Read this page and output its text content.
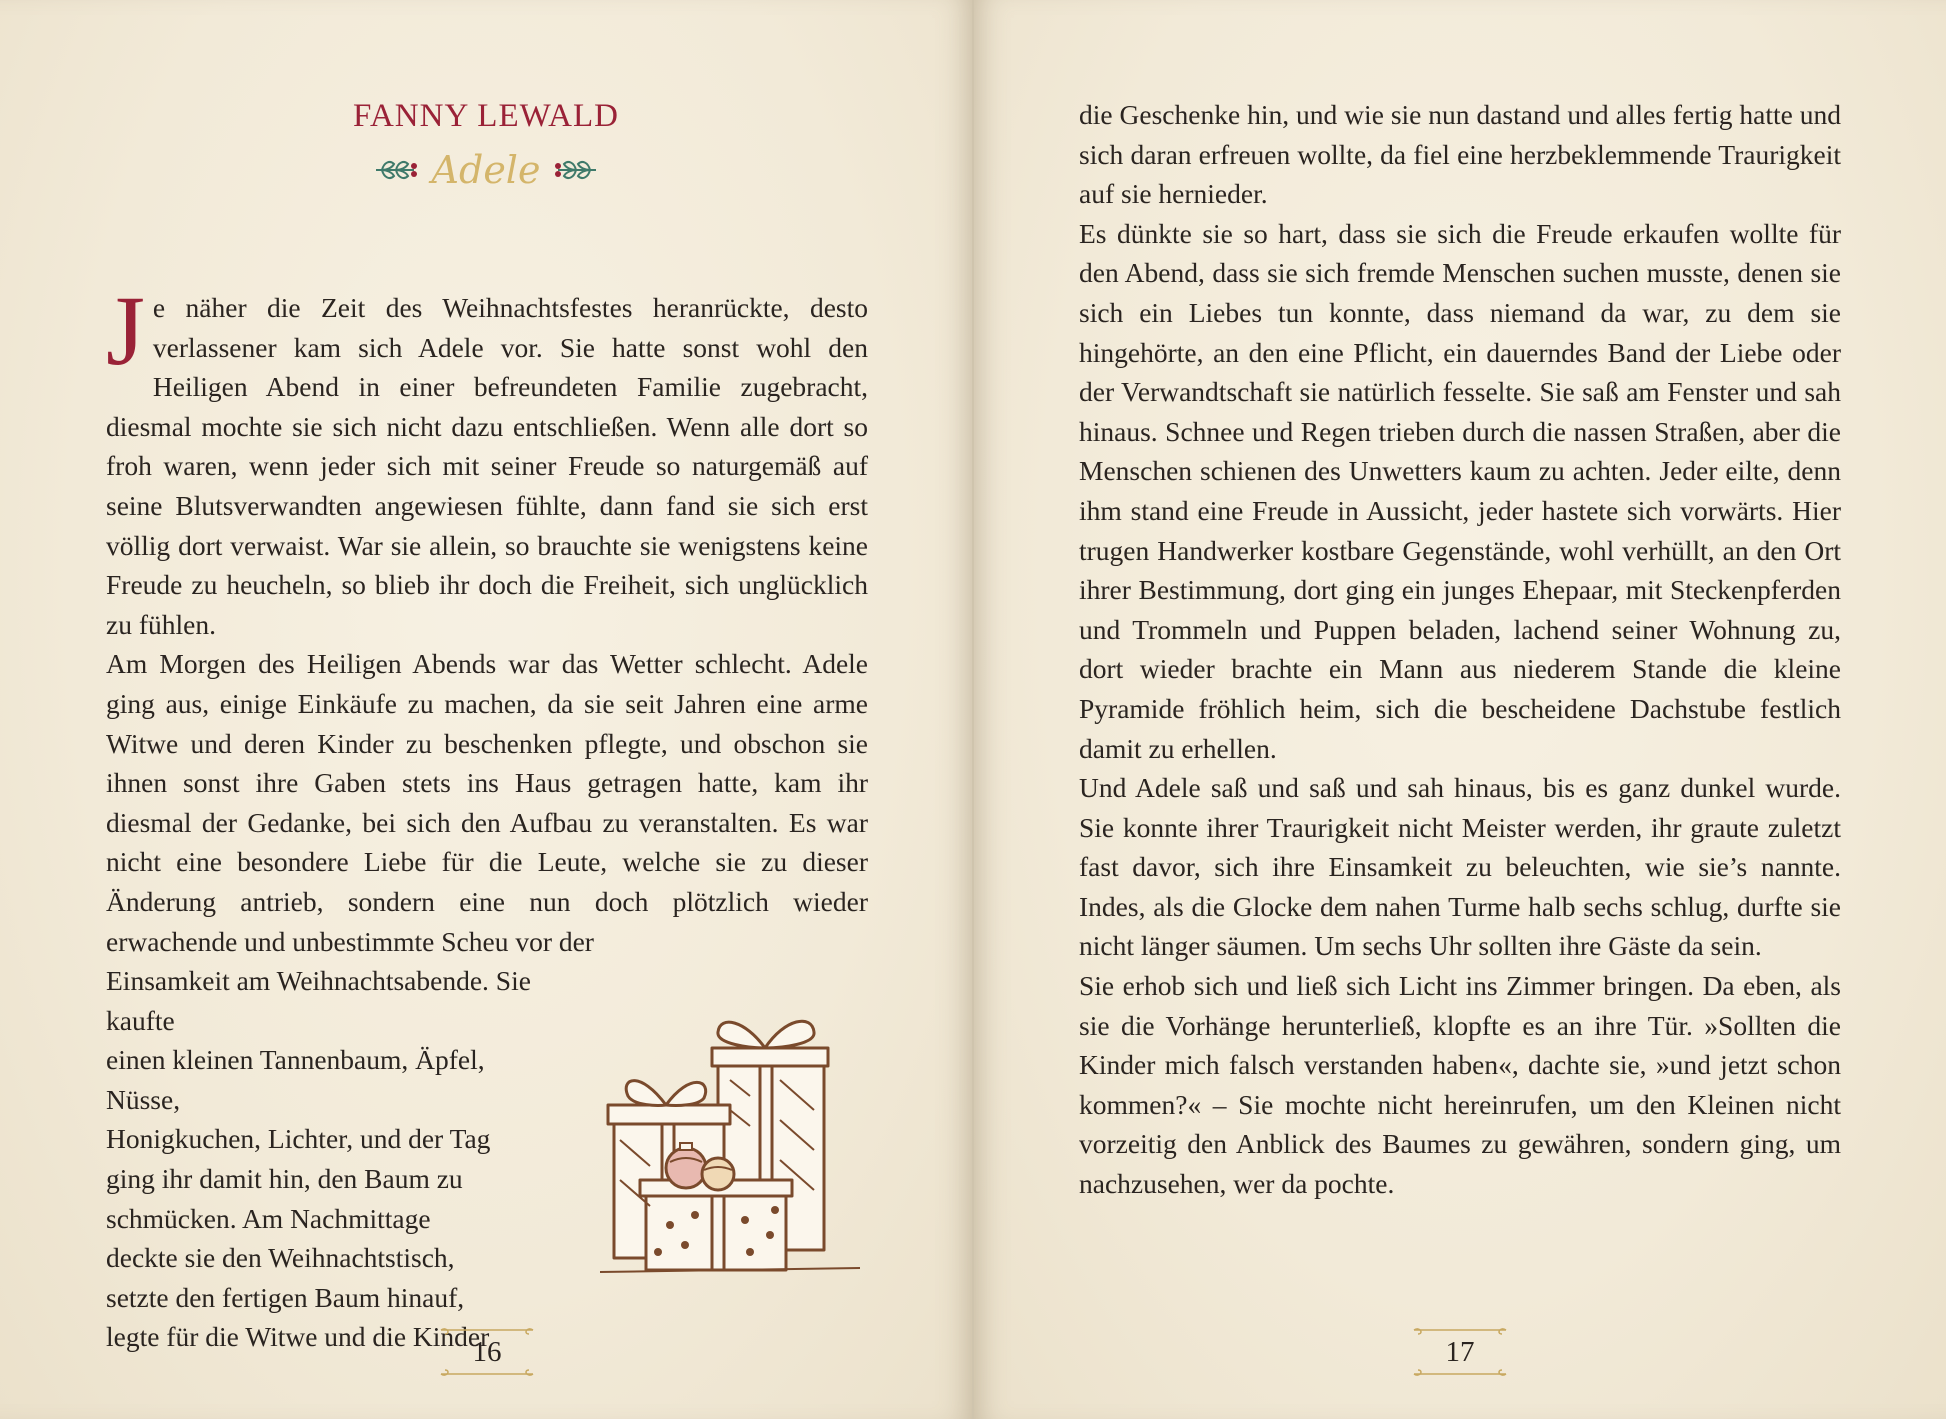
FANNY LEWALD
Adele

Je näher die Zeit des Weihnachtsfestes heranrückte, desto verlassener kam sich Adele vor. Sie hatte sonst wohl den Heiligen Abend in einer befreundeten Familie zugebracht, diesmal mochte sie sich nicht dazu entschließen. Wenn alle dort so froh waren, wenn jeder sich mit seiner Freude so naturgemäß auf seine Blutsverwandten angewiesen fühlte, dann fand sie sich erst völlig dort verwaist. War sie allein, so brauchte sie wenigstens keine Freude zu heucheln, so blieb ihr doch die Freiheit, sich unglücklich zu fühlen.

Am Morgen des Heiligen Abends war das Wetter schlecht. Adele ging aus, einige Einkäufe zu machen, da sie seit Jahren eine arme Witwe und deren Kinder zu beschenken pflegte, und obschon sie ihnen sonst ihre Gaben stets ins Haus getragen hatte, kam ihr diesmal der Gedanke, bei sich den Aufbau zu veranstalten. Es war nicht eine besondere Liebe für die Leute, welche sie zu dieser Änderung antrieb, sondern eine nun doch plötzlich wieder erwachende und unbestimmte Scheu vor der

Einsamkeit am Weihnachtsabende. Sie kaufte
einen kleinen Tannenbaum, Äpfel, Nüsse,
Honigkuchen, Lichter, und der Tag
ging ihr damit hin, den Baum zu
schmücken. Am Nachmittage
deckte sie den Weihnachtstisch,
setzte den fertigen Baum hinauf,
legte für die Witwe und die Kinder
16	17

die Geschenke hin, und wie sie nun dastand und alles fertig hatte und sich daran erfreuen wollte, da fiel eine herzbeklemmende Traurigkeit auf sie hernieder.

Es dünkte sie so hart, dass sie sich die Freude erkaufen wollte für den Abend, dass sie sich fremde Menschen suchen musste, denen sie sich ein Liebes tun konnte, dass niemand da war, zu dem sie hingehörte, an den eine Pflicht, ein dauerndes Band der Liebe oder der Verwandtschaft sie natürlich fesselte. Sie saß am Fenster und sah hinaus. Schnee und Regen trieben durch die nassen Straßen, aber die Menschen schienen des Unwetters kaum zu achten. Jeder eilte, denn ihm stand eine Freude in Aussicht, jeder hastete sich vorwärts. Hier trugen Handwerker kostbare Gegenstände, wohl verhüllt, an den Ort ihrer Bestimmung, dort ging ein junges Ehepaar, mit Steckenpferden und Trommeln und Puppen beladen, lachend seiner Wohnung zu, dort wieder brachte ein Mann aus niederem Stande die kleine Pyramide fröhlich heim, sich die bescheidene Dachstube festlich damit zu erhellen.

Und Adele saß und saß und sah hinaus, bis es ganz dunkel wurde. Sie konnte ihrer Traurigkeit nicht Meister werden, ihr graute zuletzt fast davor, sich ihre Einsamkeit zu beleuchten, wie sie’s nannte. Indes, als die Glocke dem nahen Turme halb sechs schlug, durfte sie nicht länger säumen. Um sechs Uhr sollten ihre Gäste da sein.

Sie erhob sich und ließ sich Licht ins Zimmer bringen. Da eben, als sie die Vorhänge herunterließ, klopfte es an ihre Tür. »Sollten die Kinder mich falsch verstanden haben«, dachte sie, »und jetzt schon kommen?« – Sie mochte nicht hereinrufen, um den Kleinen nicht vorzeitig den Anblick des Baumes zu gewähren, sondern ging, um nachzusehen, wer da pochte.
